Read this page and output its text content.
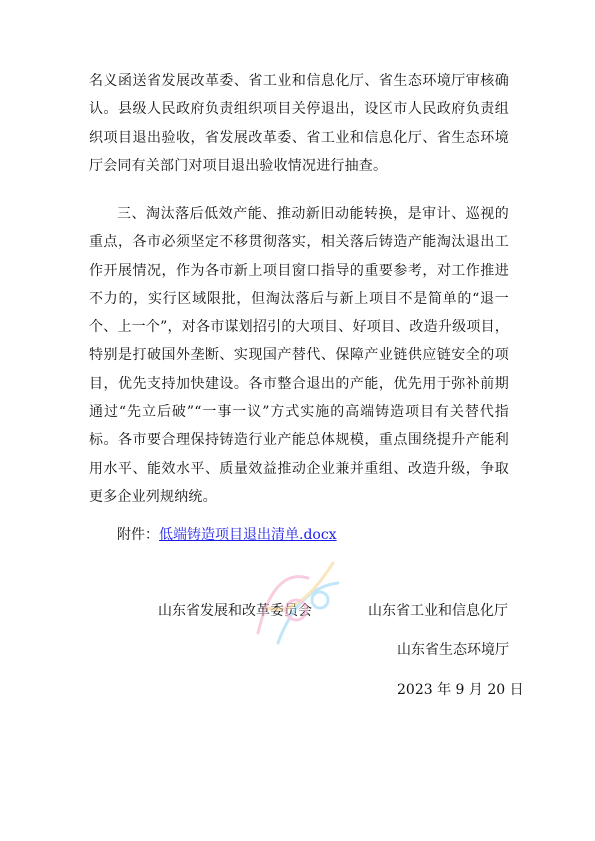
名义函送省发展改革委、省工业和信息化厅、省生态环境厅审核确认。县级人民政府负责组织项目关停退出，设区市人民政府负责组织项目退出验收，省发展改革委、省工业和信息化厅、省生态环境厅会同有关部门对项目退出验收情况进行抽查。

三、淘汰落后低效产能、推动新旧动能转换，是审计、巡视的重点，各市必须坚定不移贯彻落实，相关落后铸造产能淘汰退出工作开展情况，作为各市新上项目窗口指导的重要参考，对工作推进不力的，实行区域限批，但淘汰落后与新上项目不是简单的“退一个、上一个”，对各市谋划招引的大项目、好项目、改造升级项目，特别是打破国外垄断、实现国产替代、保障产业链供应链安全的项目，优先支持加快建设。各市整合退出的产能，优先用于弥补前期通过“先立后破”“一事一议”方式实施的高端铸造项目有关替代指标。各市要合理保持铸造行业产能总体规模，重点围绕提升产能利用水平、能效水平、质量效益推动企业兼并重组、改造升级，争取更多企业列规纳统。

附件：低端铸造项目退出清单.docx

山东省发展和改革委员会	山东省工业和信息化厅
山东省生态环境厅
2023 年 9 月 20 日
